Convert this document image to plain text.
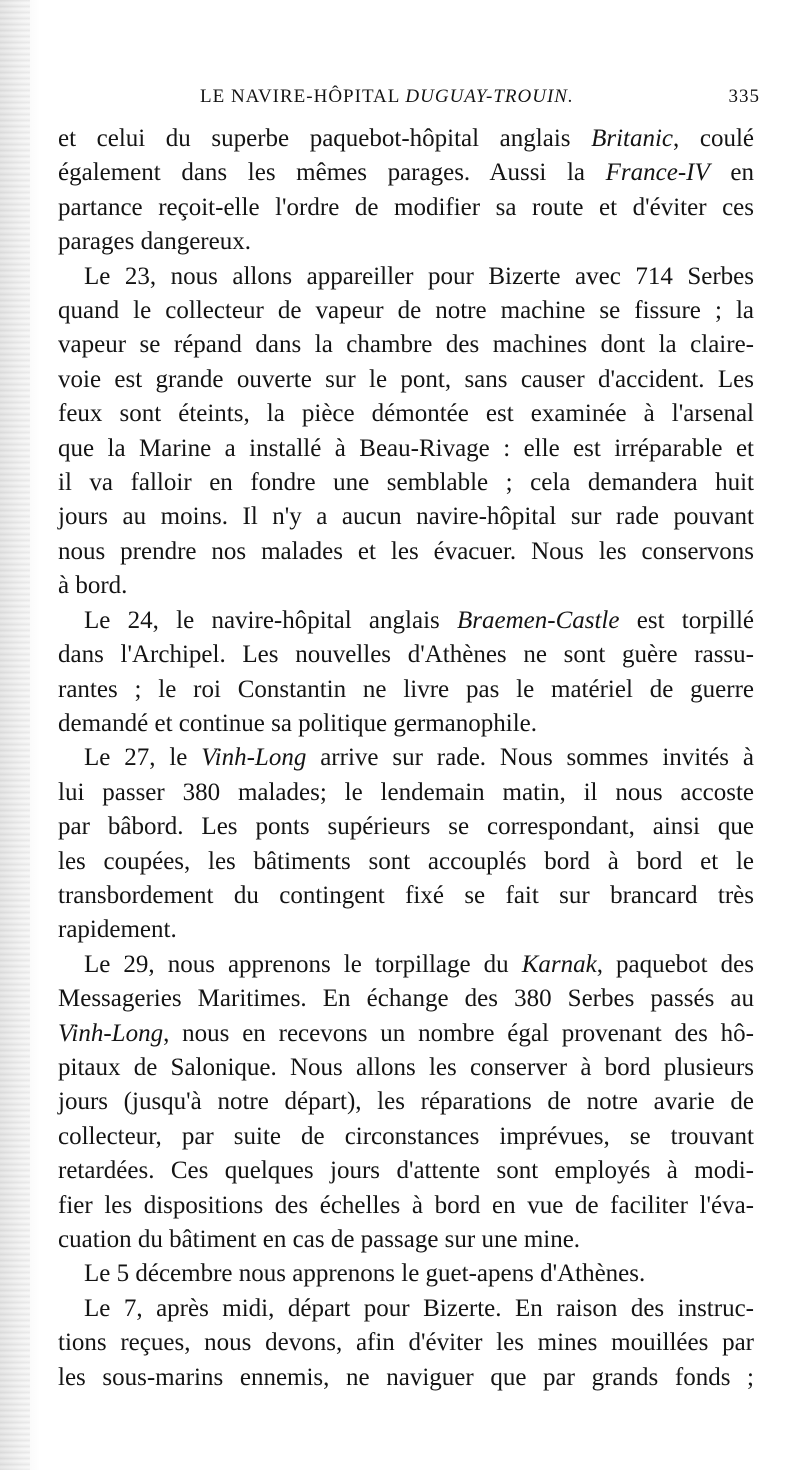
LE NAVIRE-HÔPITAL DUGUAY-TROUIN.	335

et celui du superbe paquebot-hôpital anglais Britanic, coulé
également dans les mêmes parages. Aussi la France-IV en
partance reçoit-elle l'ordre de modifier sa route et d'éviter ces
parages dangereux.

Le 23, nous allons appareiller pour Bizerte avec 714 Serbes
quand le collecteur de vapeur de notre machine se fissure ; la
vapeur se répand dans la chambre des machines dont la claire-
voie est grande ouverte sur le pont, sans causer d'accident. Les
feux sont éteints, la pièce démontée est examinée à l'arsenal
que la Marine a installé à Beau-Rivage : elle est irréparable et
il va falloir en fondre une semblable ; cela demandera huit
jours au moins. Il n'y a aucun navire-hôpital sur rade pouvant
nous prendre nos malades et les évacuer. Nous les conservons
à bord.

Le 24, le navire-hôpital anglais Braemen-Castle est torpillé
dans l'Archipel. Les nouvelles d'Athènes ne sont guère rassu-
rantes ; le roi Constantin ne livre pas le matériel de guerre
demandé et continue sa politique germanophile.

Le 27, le Vinh-Long arrive sur rade. Nous sommes invités à
lui passer 380 malades; le lendemain matin, il nous accoste
par bâbord. Les ponts supérieurs se correspondant, ainsi que
les coupées, les bâtiments sont accouplés bord à bord et le
transbordement du contingent fixé se fait sur brancard très
rapidement.

Le 29, nous apprenons le torpillage du Karnak, paquebot des
Messageries Maritimes. En échange des 380 Serbes passés au
Vinh-Long, nous en recevons un nombre égal provenant des hô-
pitaux de Salonique. Nous allons les conserver à bord plusieurs
jours (jusqu'à notre départ), les réparations de notre avarie de
collecteur, par suite de circonstances imprévues, se trouvant
retardées. Ces quelques jours d'attente sont employés à modi-
fier les dispositions des échelles à bord en vue de faciliter l'éva-
cuation du bâtiment en cas de passage sur une mine.

Le 5 décembre nous apprenons le guet-apens d'Athènes.

Le 7, après midi, départ pour Bizerte. En raison des instruc-
tions reçues, nous devons, afin d'éviter les mines mouillées par
les sous-marins ennemis, ne naviguer que par grands fonds ;
